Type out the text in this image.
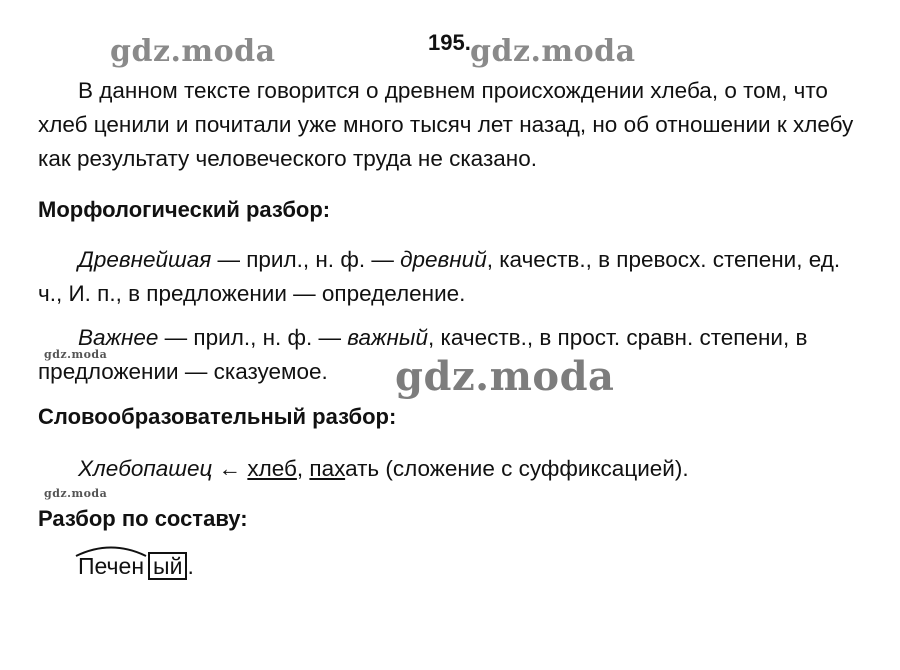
gdz.moda	gdz.moda
gdz.moda
gdz.moda
gdz.moda
195.
В данном тексте говорится о древнем происхождении хлеба, о том, что хлеб ценили и почитали уже много тысяч лет назад, но об отношении к хлебу как результату человеческого труда не сказано.
Морфологический разбор:
Древнейшая — прил., н. ф. — древний, качеств., в превосх. степени, ед. ч., И. п., в предложении — определение.
Важнее — прил., н. ф. — важный, качеств., в прост. сравн. степени, в предложении — сказуемое.
Словообразовательный разбор:
Хлебопашец ← хлеб, пахать (сложение с суффиксацией).
Разбор по составу:
Печен ый .
